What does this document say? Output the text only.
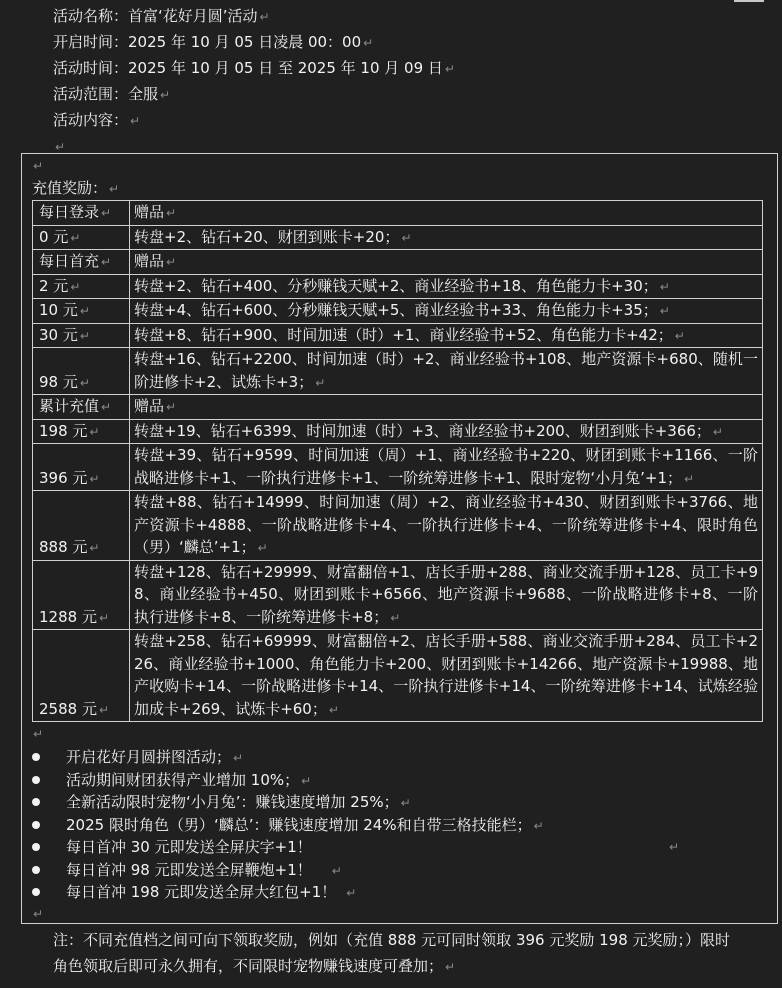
活动名称：首富‘花好月圆’活动 ↵
开启时间：2025 年 10 月 05 日凌晨 00：00 ↵
活动时间：2025 年 10 月 05 日 至 2025 年 10 月 09 日 ↵
活动范围：全服 ↵
活动内容： ↵
↵
↵
充值奖励： ↵
每日登录 ↵	赠品 ↵
0 元 ↵	转盘+2、钻石+20、财团到账卡+20； ↵
每日首充 ↵	赠品 ↵
2 元 ↵	转盘+2、钻石+400、分秒赚钱天赋+2、商业经验书+18、角色能力卡+30； ↵
10 元 ↵	转盘+4、钻石+600、分秒赚钱天赋+5、商业经验书+33、角色能力卡+35； ↵
30 元 ↵	转盘+8、钻石+900、时间加速（时）+1、商业经验书+52、角色能力卡+42； ↵
98 元 ↵	转盘+16、钻石+2200、时间加速（时）+2、商业经验书+108、地产资源卡+680、随机一阶进修卡+2、试炼卡+3； ↵
累计充值 ↵	赠品 ↵
198 元 ↵	转盘+19、钻石+6399、时间加速（时）+3、商业经验书+200、财团到账卡+366； ↵
396 元 ↵	转盘+39、钻石+9599、时间加速（周）+1、商业经验书+220、财团到账卡+1166、一阶战略进修卡+1、一阶执行进修卡+1、一阶统筹进修卡+1、限时宠物‘小月兔’+1； ↵
888 元 ↵	转盘+88、钻石+14999、时间加速（周）+2、商业经验书+430、财团到账卡+3766、地产资源卡+4888、一阶战略进修卡+4、一阶执行进修卡+4、一阶统筹进修卡+4、限时角色（男）‘麟总’+1； ↵
1288 元 ↵	转盘+128、钻石+29999、财富翻倍+1、店长手册+288、商业交流手册+128、员工卡+98、商业经验书+450、财团到账卡+6566、地产资源卡+9688、一阶战略进修卡+8、一阶执行进修卡+8、一阶统筹进修卡+8； ↵
2588 元 ↵	转盘+258、钻石+69999、财富翻倍+2、店长手册+588、商业交流手册+284、员工卡+226、商业经验书+1000、角色能力卡+200、财团到账卡+14266、地产资源卡+19988、地产收购卡+14、一阶战略进修卡+14、一阶执行进修卡+14、一阶统筹进修卡+14、试炼经验加成卡+269、试炼卡+60； ↵
↵
开启花好月圆拼图活动； ↵
活动期间财团获得产业增加 10%； ↵
全新活动限时宠物‘小月兔’：赚钱速度增加 25%； ↵
2025 限时角色（男）‘麟总’：赚钱速度增加 24%和自带三格技能栏； ↵
每日首冲 30 元即发送全屏庆字+1！	↵
每日首冲 98 元即发送全屏鞭炮+1！ ↵
每日首冲 198 元即发送全屏大红包+1！ ↵
↵
注：不同充值档之间可向下领取奖励，例如（充值 888 元可同时领取 396 元奖励 198 元奖励；）限时角色领取后即可永久拥有，不同限时宠物赚钱速度可叠加； ↵
